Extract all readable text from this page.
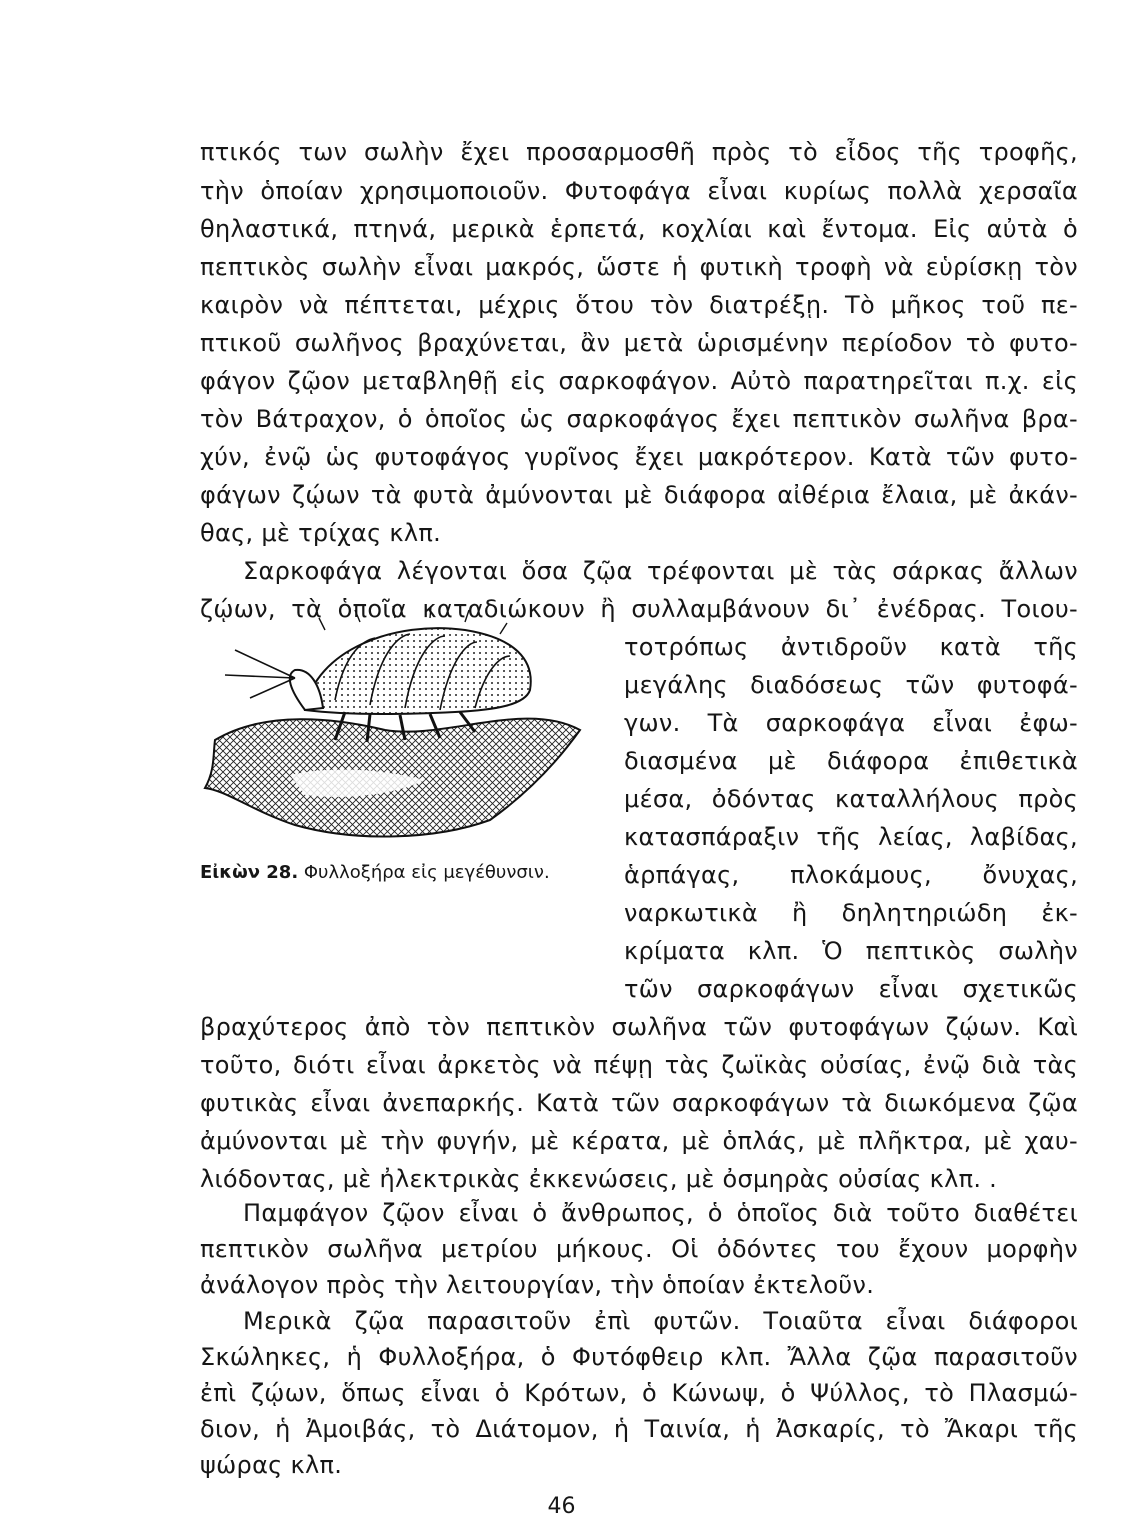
πτικός των σωλὴν ἔχει προσαρμοσθῆ πρὸς τὸ εἶδος τῆς τροφῆς,
τὴν ὁποίαν χρησιμοποιοῦν. Φυτοφάγα εἶναι κυρίως πολλὰ χερσαῖα
θηλαστικά, πτηνά, μερικὰ ἑρπετά, κοχλίαι καὶ ἔντομα. Εἰς αὐτὰ ὁ
πεπτικὸς σωλὴν εἶναι μακρός, ὥστε ἡ φυτικὴ τροφὴ νὰ εὑρίσκῃ τὸν
καιρὸν νὰ πέπτεται, μέχρις ὅτου τὸν διατρέξῃ. Τὸ μῆκος τοῦ πε-
πτικοῦ σωλῆνος βραχύνεται, ἂν μετὰ ὡρισμένην περίοδον τὸ φυτο-
φάγον ζῷον μεταβληθῇ εἰς σαρκοφάγον. Αὐτὸ παρατηρεῖται π.χ. εἰς
τὸν Βάτραχον, ὁ ὁποῖος ὡς σαρκοφάγος ἔχει πεπτικὸν σωλῆνα βρα-
χύν, ἐνῷ ὡς φυτοφάγος γυρῖνος ἔχει μακρότερον. Κατὰ τῶν φυτο-
φάγων ζῴων τὰ φυτὰ ἀμύνονται μὲ διάφορα αἰθέρια ἔλαια, μὲ ἀκάν-
θας, μὲ τρίχας κλπ.
Σαρκοφάγα λέγονται ὅσα ζῷα τρέφονται μὲ τὰς σάρκας ἄλλων
ζῴων, τὰ ὁποῖα καταδιώκουν ἢ συλλαμβάνουν δι᾽ ἐνέδρας. Τοιου-
τοτρόπως ἀντιδροῦν κατὰ τῆς
μεγάλης διαδόσεως τῶν φυτοφά-
γων. Τὰ σαρκοφάγα εἶναι ἐφω-
διασμένα μὲ διάφορα ἐπιθετικὰ
μέσα, ὀδόντας καταλλήλους πρὸς
κατασπάραξιν τῆς λείας, λαβίδας,
ἁρπάγας, πλοκάμους, ὄνυχας,
ναρκωτικὰ ἢ δηλητηριώδη ἐκ-
κρίματα κλπ. Ὁ πεπτικὸς σωλὴν
τῶν σαρκοφάγων εἶναι σχετικῶς
βραχύτερος ἀπὸ τὸν πεπτικὸν σωλῆνα τῶν φυτοφάγων ζῴων. Καὶ
τοῦτο, διότι εἶναι ἀρκετὸς νὰ πέψῃ τὰς ζωϊκὰς οὐσίας, ἐνῷ διὰ τὰς
φυτικὰς εἶναι ἀνεπαρκής. Κατὰ τῶν σαρκοφάγων τὰ διωκόμενα ζῷα
ἀμύνονται μὲ τὴν φυγήν, μὲ κέρατα, μὲ ὁπλάς, μὲ πλῆκτρα, μὲ χαυ-
λιόδοντας, μὲ ἠλεκτρικὰς ἐκκενώσεις, μὲ ὀσμηρὰς οὐσίας κλπ. .
Παμφάγον ζῷον εἶναι ὁ ἄνθρωπος, ὁ ὁποῖος διὰ τοῦτο διαθέτει
πεπτικὸν σωλῆνα μετρίου μήκους. Οἱ ὀδόντες του ἔχουν μορφὴν
ἀνάλογον πρὸς τὴν λειτουργίαν, τὴν ὁποίαν ἐκτελοῦν.
Μερικὰ ζῷα παρασιτοῦν ἐπὶ φυτῶν. Τοιαῦτα εἶναι διάφοροι
Σκώληκες, ἡ Φυλλοξήρα, ὁ Φυτόφθειρ κλπ. Ἄλλα ζῷα παρασιτοῦν
Εἰκὼν 28. Φυλλοξήρα εἰς μεγέθυνσιν.
46
ἐπὶ ζῴων, ὅπως εἶναι ὁ Κρότων, ὁ Κώνωψ, ὁ Ψύλλος, τὸ Πλασμώ-
διον, ἡ Ἀμοιβάς, τὸ Διάτομον, ἡ Ταινία, ἡ Ἀσκαρίς, τὸ Ἄκαρι τῆς
ψώρας κλπ.
